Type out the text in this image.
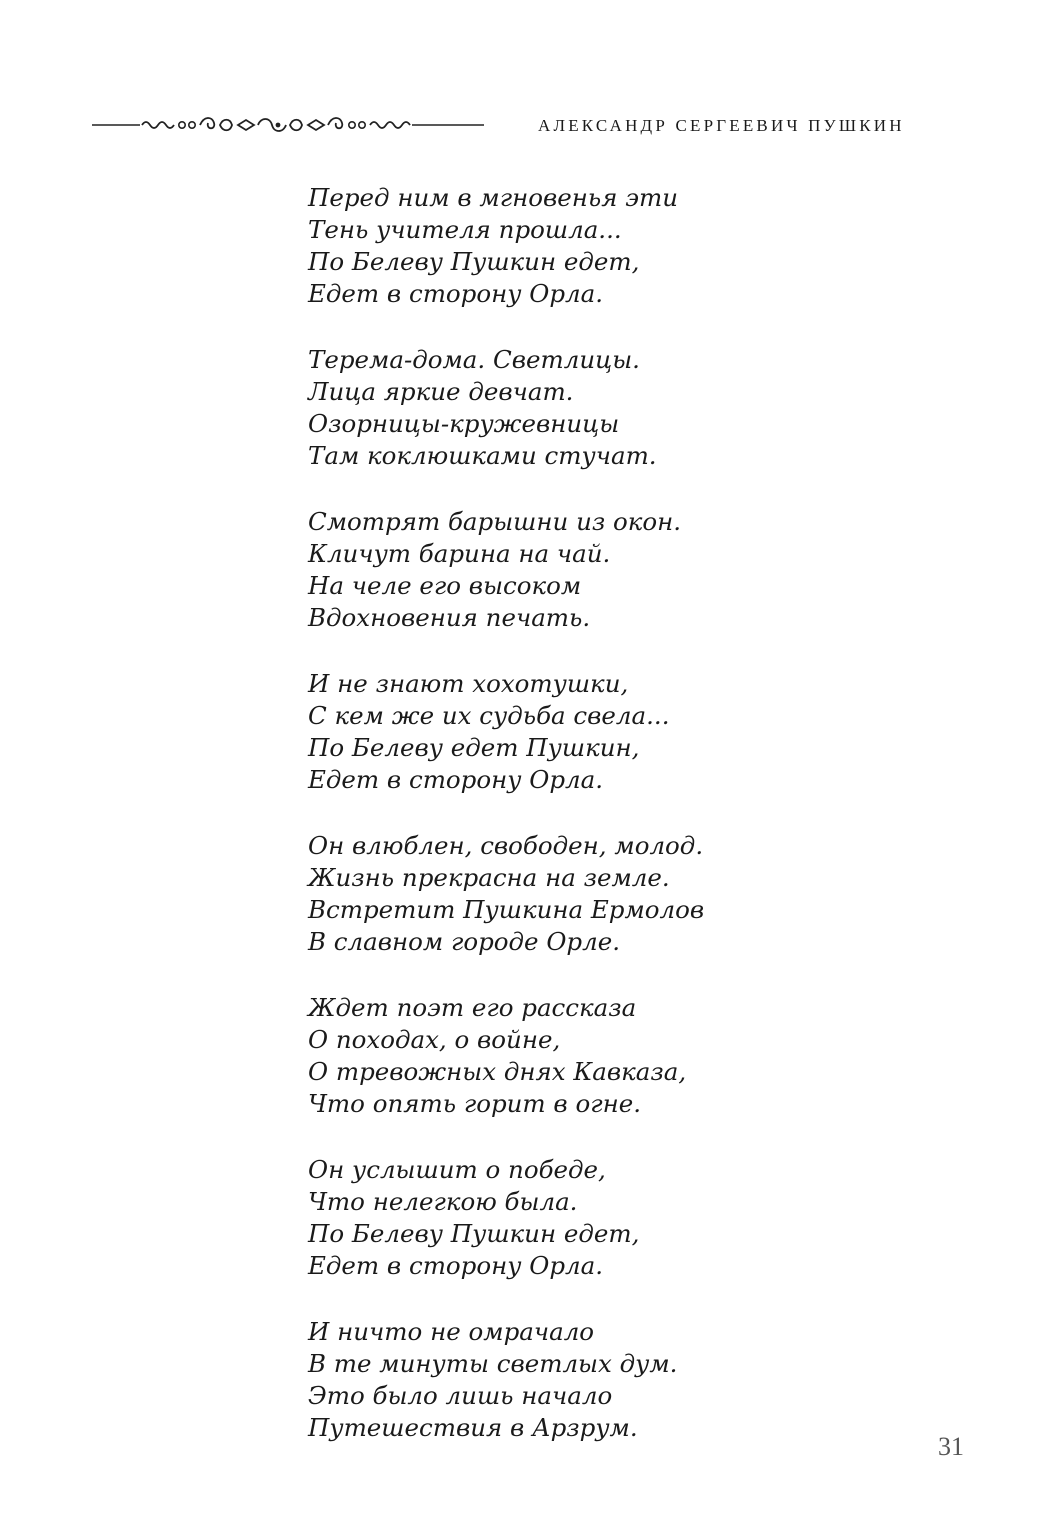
АЛЕКСАНДР СЕРГЕЕВИЧ ПУШКИН
Перед ним в мгновенья эти
Тень учителя прошла...
По Белеву Пушкин едет,
Едет в сторону Орла.
Терема-дома. Светлицы.
Лица яркие девчат.
Озорницы-кружевницы
Там коклюшками стучат.
Смотрят барышни из окон.
Кличут барина на чай.
На челе его высоком
Вдохновения печать.
И не знают хохотушки,
С кем же их судьба свела...
По Белеву едет Пушкин,
Едет в сторону Орла.
Он влюблен, свободен, молод.
Жизнь прекрасна на земле.
Встретит Пушкина Ермолов
В славном городе Орле.
Ждет поэт его рассказа
О походах, о войне,
О тревожных днях Кавказа,
Что опять горит в огне.
Он услышит о победе,
Что нелегкою была.
По Белеву Пушкин едет,
Едет в сторону Орла.
И ничто не омрачало
В те минуты светлых дум.
Это было лишь начало
Путешествия в Арзрум.
31
